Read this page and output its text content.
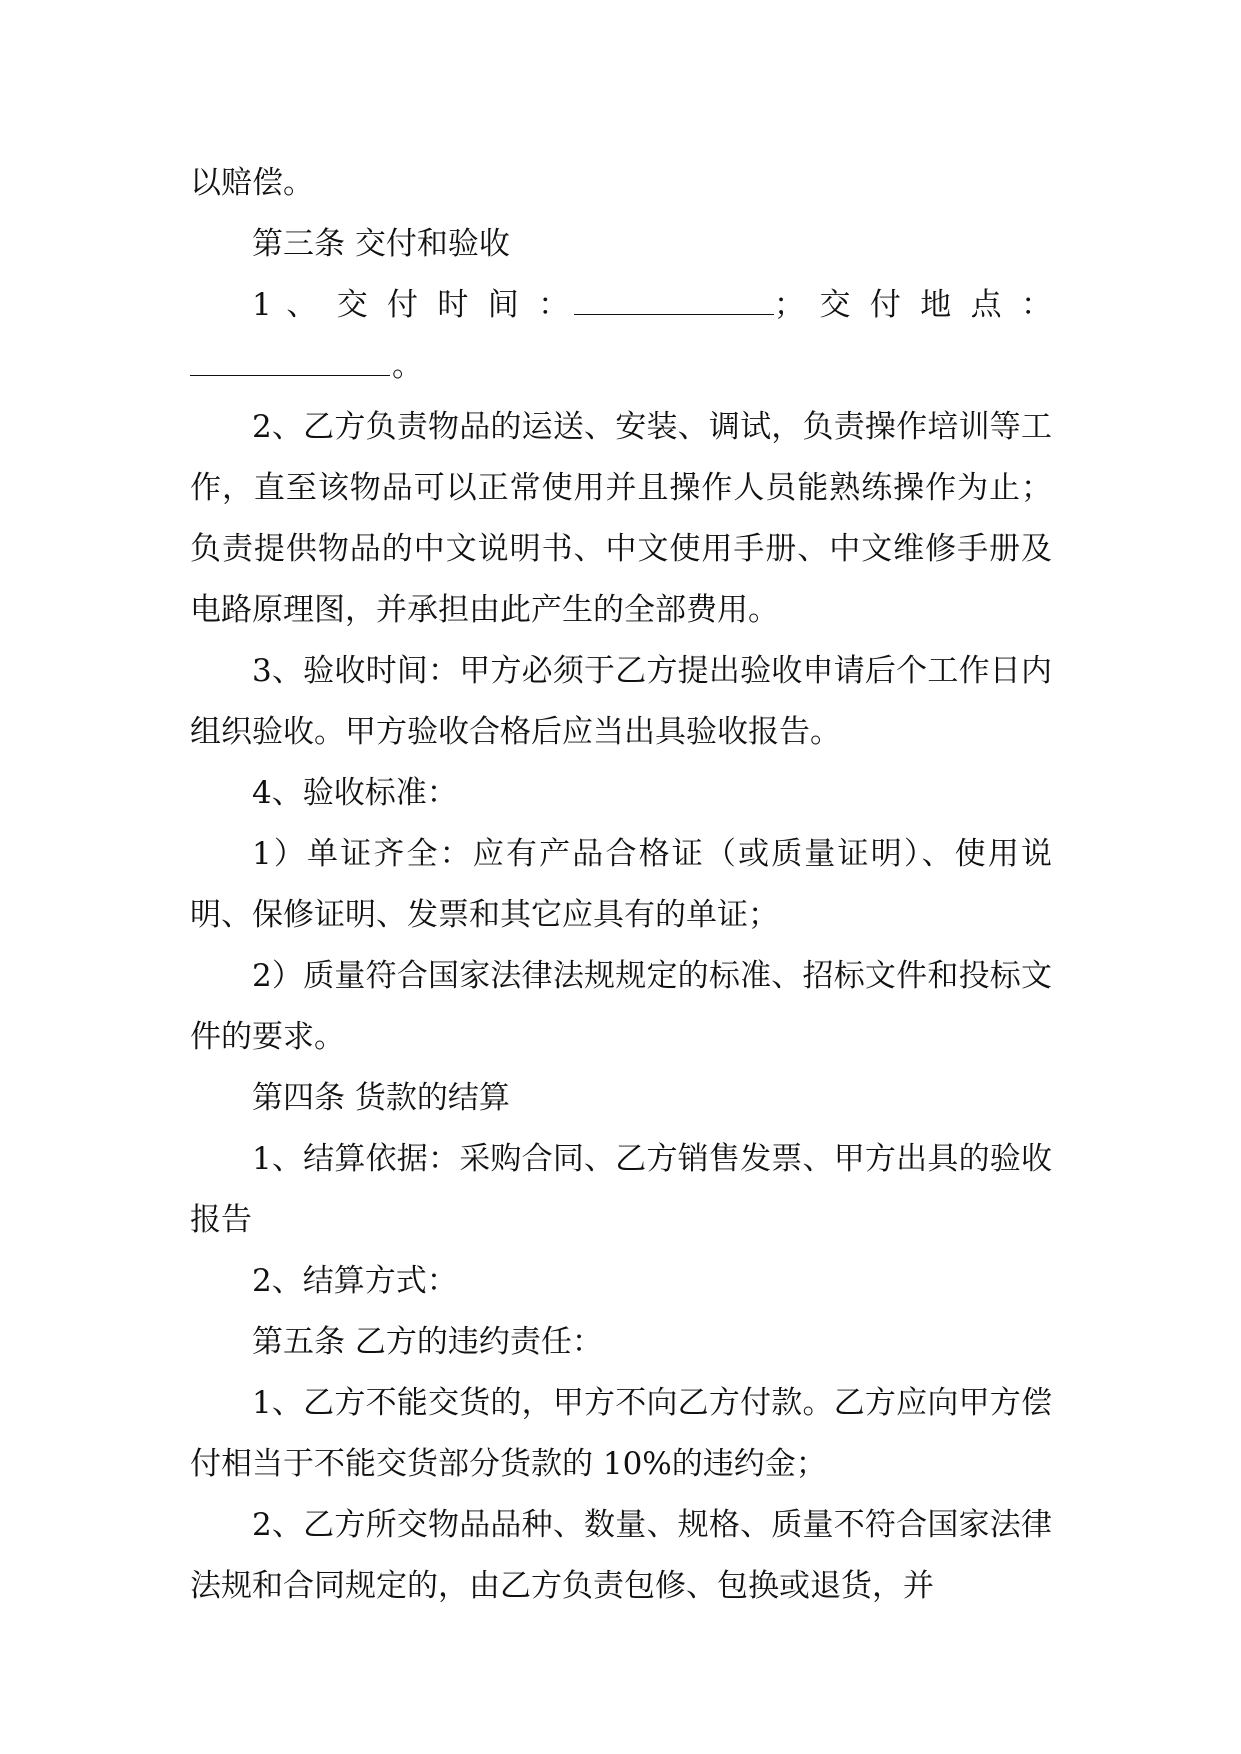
以赔偿。

第三条 交付和验收

1 、 交 付 时 间 ：	； 交 付 地 点 ：

。

2、乙方负责物品的运送、安装、调试，负责操作培训等工作，直至该物品可以正常使用并且操作人员能熟练操作为止；负责提供物品的中文说明书、中文使用手册、中文维修手册及电路原理图，并承担由此产生的全部费用。

3、验收时间：甲方必须于乙方提出验收申请后个工作日内组织验收。甲方验收合格后应当出具验收报告。

4、验收标准：

1）单证齐全：应有产品合格证（或质量证明）、使用说明、保修证明、发票和其它应具有的单证；

2）质量符合国家法律法规规定的标准、招标文件和投标文件的要求。

第四条 货款的结算

1、结算依据：采购合同、乙方销售发票、甲方出具的验收报告

2、结算方式：

第五条 乙方的违约责任：

1、乙方不能交货的，甲方不向乙方付款。乙方应向甲方偿付相当于不能交货部分货款的 10%的违约金；

2、乙方所交物品品种、数量、规格、质量不符合国家法律法规和合同规定的，由乙方负责包修、包换或退货，并
